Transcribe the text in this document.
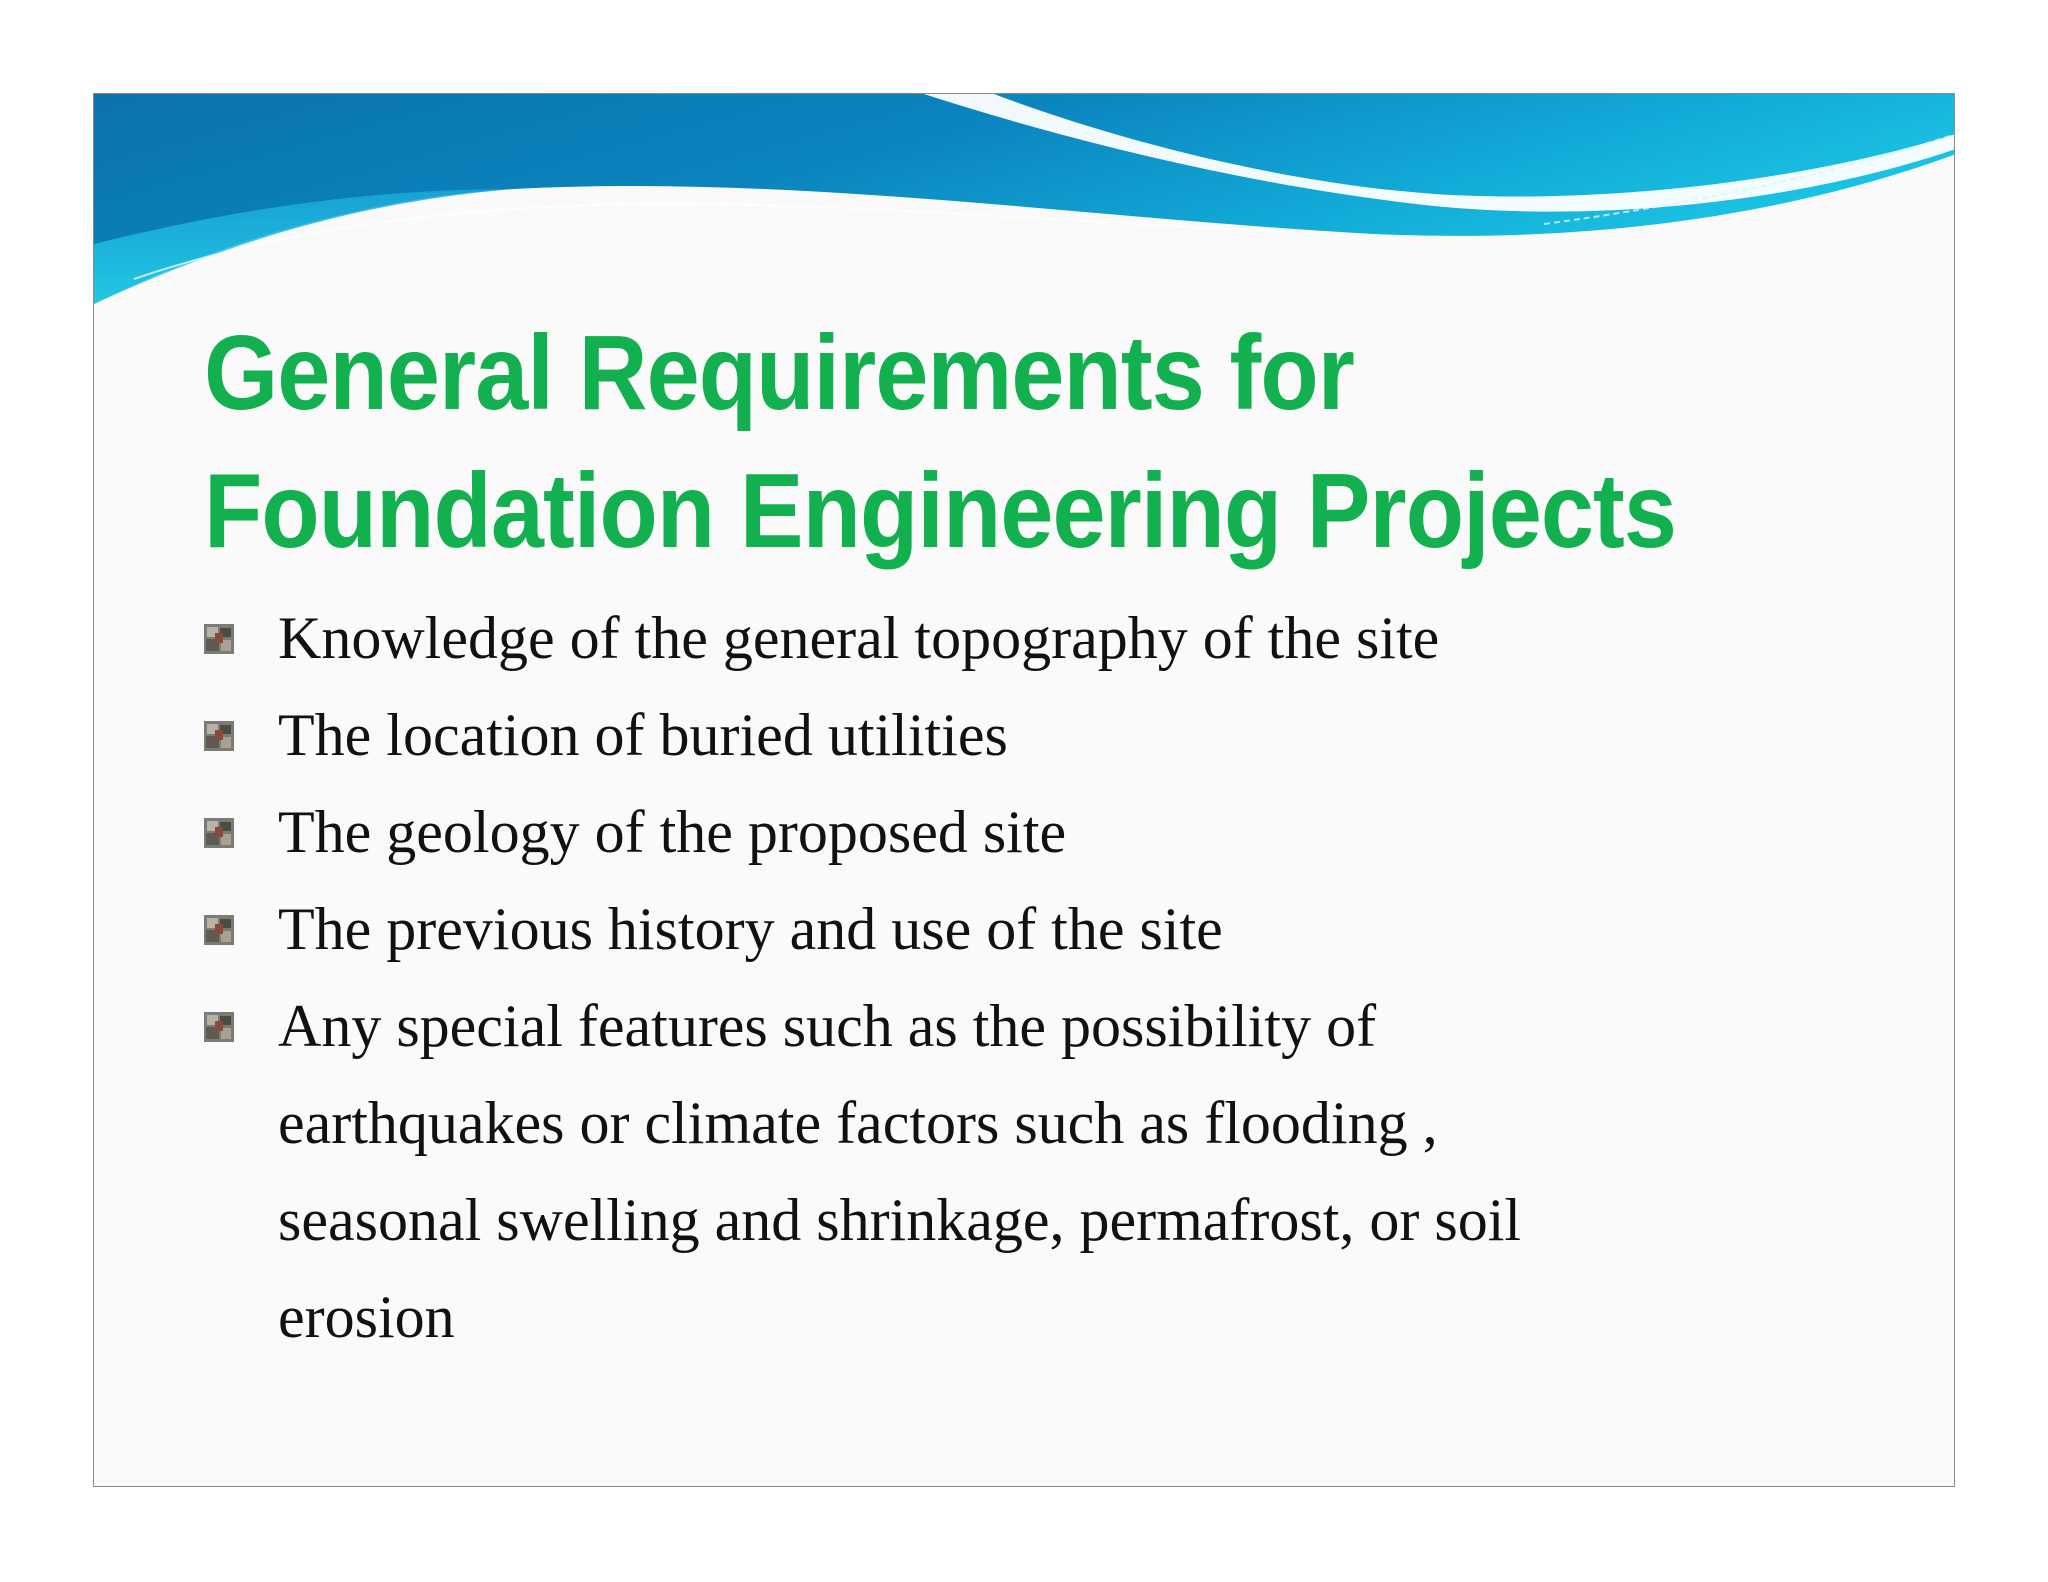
General Requirements for
Foundation Engineering Projects
Knowledge of the general topography of the site
The location of buried utilities
The geology of the proposed site
The previous history and use of the site
Any special features such as the possibility of
earthquakes or climate factors such as flooding ,
seasonal swelling and shrinkage, permafrost, or soil
erosion
